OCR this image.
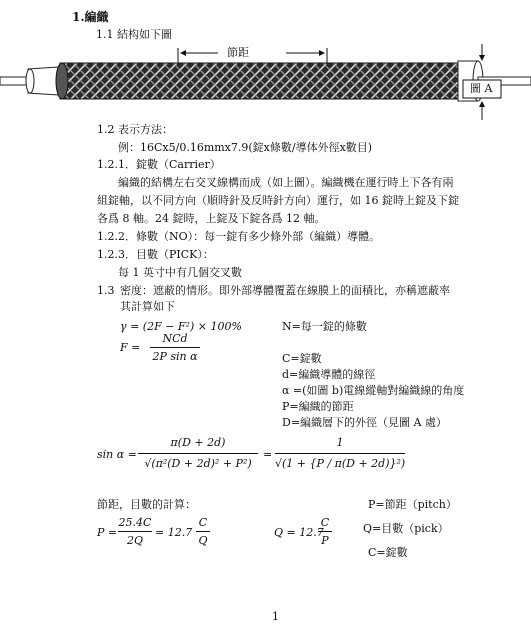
1.編織
1.1 結构如下圖
節距
圖 A
1.2 表示方法：
例：16Cx5/0.16mmx7.9(錠x條數/導体外徑x數目)
1.2.1．錠數（Carrier）
編織的結構左右交叉線構而成（如上圖）。編織機在運行時上下各有兩
組錠軸，以不同方向（順時針及反時針方向）運行，如 16 錠時上錠及下錠
各爲 8 軸。24 錠時，上錠及下錠各爲 12 軸。
1.2.2．條數（NO）：每一錠有多少條外部（編織）導體。
1.2.3．目數（PICK）：
每 1 英寸中有几個交叉數
1.3 密度：遮蔽的情形。即外部導體覆蓋在線膜上的面積比，亦稱遮蔽率
其計算如下
γ = (2F − F²) × 100%
F =
NCd
2P sin α
N=每一錠的條數
C=錠數
d=編織導體的線徑
α =(如圖 b)電線縱軸對編織線的角度
P=編織的節距
D=編織層下的外徑（見圖 A 處）
sin α =
π(D + 2d)
√(π²(D + 2d)² + P²)
=
1
√(1 + {P / π(D + 2d)}²)
節距，目數的計算：
P =
25.4C
2Q
= 12.7
C
Q
Q = 12.7
C
P
P=節距（pitch）
Q=目數（pick）
C=錠數
1
